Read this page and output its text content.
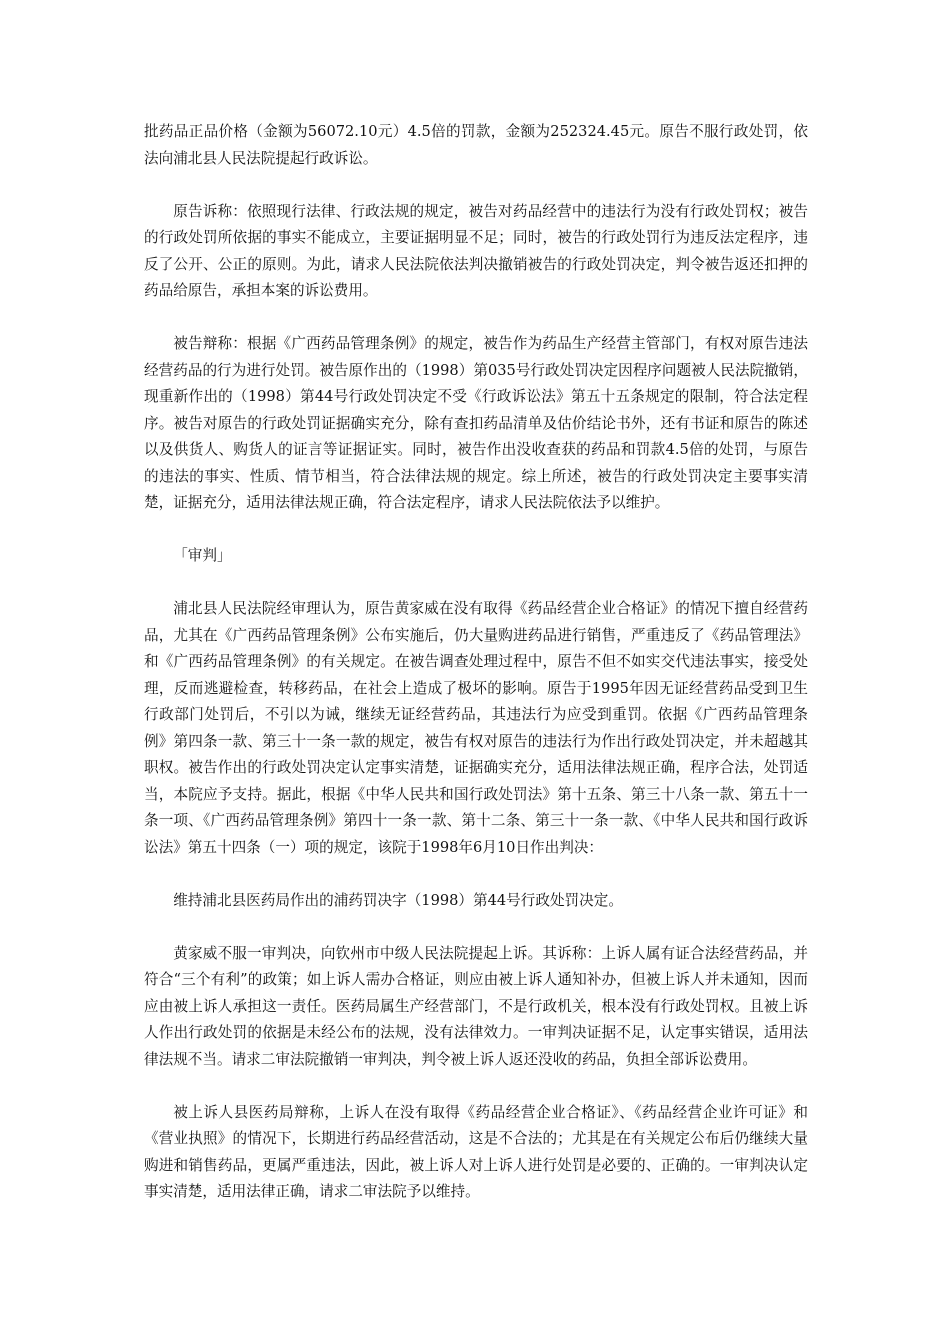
批药品正品价格（金额为56072.10元）4.5倍的罚款，金额为252324.45元。原告不服行政处罚，依法向浦北县人民法院提起行政诉讼。

原告诉称：依照现行法律、行政法规的规定，被告对药品经营中的违法行为没有行政处罚权；被告的行政处罚所依据的事实不能成立，主要证据明显不足；同时，被告的行政处罚行为违反法定程序，违反了公开、公正的原则。为此，请求人民法院依法判决撤销被告的行政处罚决定，判令被告返还扣押的药品给原告，承担本案的诉讼费用。

被告辩称：根据《广西药品管理条例》的规定，被告作为药品生产经营主管部门，有权对原告违法经营药品的行为进行处罚。被告原作出的（1998）第035号行政处罚决定因程序问题被人民法院撤销，现重新作出的（1998）第44号行政处罚决定不受《行政诉讼法》第五十五条规定的限制，符合法定程序。被告对原告的行政处罚证据确实充分，除有查扣药品清单及估价结论书外，还有书证和原告的陈述以及供货人、购货人的证言等证据证实。同时，被告作出没收查获的药品和罚款4.5倍的处罚，与原告的违法的事实、性质、情节相当，符合法律法规的规定。综上所述，被告的行政处罚决定主要事实清楚，证据充分，适用法律法规正确，符合法定程序，请求人民法院依法予以维护。

「审判」

浦北县人民法院经审理认为，原告黄家威在没有取得《药品经营企业合格证》的情况下擅自经营药品，尤其在《广西药品管理条例》公布实施后，仍大量购进药品进行销售，严重违反了《药品管理法》和《广西药品管理条例》的有关规定。在被告调查处理过程中，原告不但不如实交代违法事实，接受处理，反而逃避检查，转移药品，在社会上造成了极坏的影响。原告于1995年因无证经营药品受到卫生行政部门处罚后，不引以为诫，继续无证经营药品，其违法行为应受到重罚。依据《广西药品管理条例》第四条一款、第三十一条一款的规定，被告有权对原告的违法行为作出行政处罚决定，并未超越其职权。被告作出的行政处罚决定认定事实清楚，证据确实充分，适用法律法规正确，程序合法，处罚适当，本院应予支持。据此，根据《中华人民共和国行政处罚法》第十五条、第三十八条一款、第五十一条一项、《广西药品管理条例》第四十一条一款、第十二条、第三十一条一款、《中华人民共和国行政诉讼法》第五十四条（一）项的规定，该院于1998年6月10日作出判决：

维持浦北县医药局作出的浦药罚决字（1998）第44号行政处罚决定。

黄家威不服一审判决，向钦州市中级人民法院提起上诉。其诉称：上诉人属有证合法经营药品，并符合“三个有利”的政策；如上诉人需办合格证，则应由被上诉人通知补办，但被上诉人并未通知，因而应由被上诉人承担这一责任。医药局属生产经营部门，不是行政机关，根本没有行政处罚权。且被上诉人作出行政处罚的依据是未经公布的法规，没有法律效力。一审判决证据不足，认定事实错误，适用法律法规不当。请求二审法院撤销一审判决，判令被上诉人返还没收的药品，负担全部诉讼费用。

被上诉人县医药局辩称，上诉人在没有取得《药品经营企业合格证》、《药品经营企业许可证》和《营业执照》的情况下，长期进行药品经营活动，这是不合法的；尤其是在有关规定公布后仍继续大量购进和销售药品，更属严重违法，因此，被上诉人对上诉人进行处罚是必要的、正确的。一审判决认定事实清楚，适用法律正确，请求二审法院予以维持。
